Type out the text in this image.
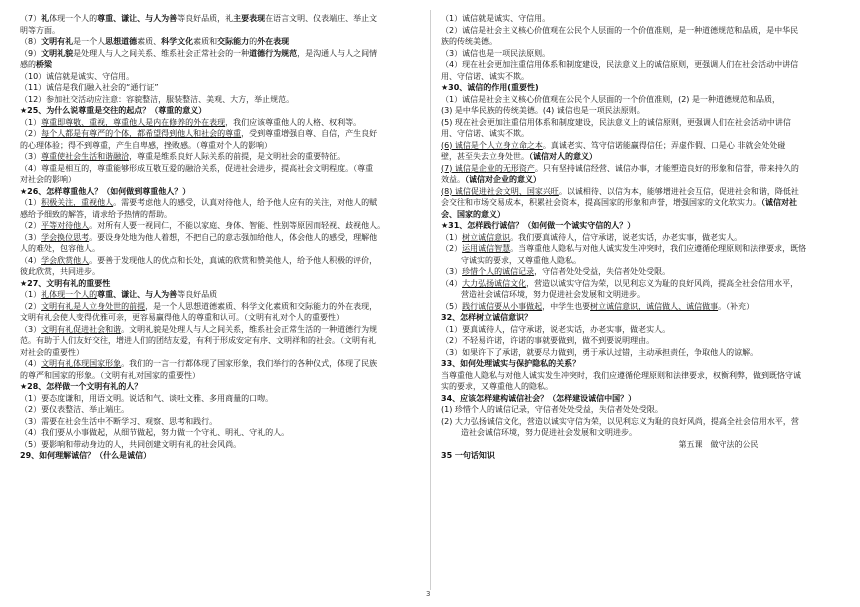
（7）礼体现一个人的尊重、谦让、与人为善等良好品质，礼主要表现在语言文明、仪表端庄、举止文
明等方面。
（8）文明有礼是一个人思想道德素质、科学文化素质和交际能力的外在表现
（9）文明礼貌是处理人与人之间关系、维系社会正常社会的一种道德行为规范，是沟通人与人之间情
感的桥梁
（10）诚信就是诚实、守信用。
（11）诚信是我们融入社会的“通行证”
（12）参加社交活动应注意：容貌整洁，服装整洁、美观、大方，举止规范。
★25、为什么说尊重是交往的起点？（尊重的意义）
（1）尊重即尊敬、重视，尊重他人是内在修养的外在表现，我们应该尊重他人的人格、权利等。
（2）每个人都是有尊严的个体，都希望得到他人和社会的尊重，受到尊重增强自尊、自信，产生良好
的心理体验；得不到尊重，产生自卑感，挫败感。（尊重对个人的影响）
（3）尊重使社会生活和谐融洽，尊重是维系良好人际关系的前提，是文明社会的重要特征。
（4）尊重是相互的，尊重能够形成互敬互爱的融洽关系，促进社会进步，提高社会文明程度。（尊重
对社会的影响）
★26、怎样尊重他人？（如何做到尊重他人？）
（1）积极关注，重视他人。需要考虑他人的感受，认真对待他人，给予他人应有的关注，对他人的赋
感给予细致的解答，请求给予热情的帮助。
（2）平等对待他人。对所有人要一视同仁，不能以家庭、身体、智能、性别等原因而轻视、歧视他人。
（3）学会换位思考。要设身处地为他人着想，不把自己的意志强加给他人，体会他人的感受，理解他
人的难处，包容他人。
（4）学会欣赏他人。要善于发现他人的优点和长处，真诚的欣赏和赞美他人，给予他人积极的评价，
彼此欣赏，共同进步。
★27、文明有礼的重要性
（1）礼体现一个人的尊重、谦让、与人为善等良好品质
（2）文明有礼是人立身处世的前提，是一个人思想道德素质、科学文化素质和交际能力的外在表现，
文明有礼会使人变得优雅可亲，更容易赢得他人的尊重和认可。（文明有礼对个人的重要性）
（3）文明有礼促进社会和谐。文明礼貌是处理人与人之间关系，维系社会正常生活的一种道德行为规
范。有助于人们友好交往，增进人们的团结友爱，有利于形成安定有序、文明祥和的社会。（文明有礼
对社会的重要性）
（4）文明有礼体现国家形象。我们的一言一行都体现了国家形象，我们举行的各种仪式，体现了民族
的尊严和国家的形象。（文明有礼对国家的重要性）
★28、怎样做一个文明有礼的人？
（1）要态度谦和，用语文明。说话和气、谈吐文雅、多用商量的口吻。
（2）要仪表整洁、举止端庄。
（3）需要在社会生活中不断学习、观察、思考和践行。
（4）我们要从小事做起，从细节做起，努力做一个守礼、明礼、守礼的人。
（5）要影响和带动身边的人，共同创建文明有礼的社会风尚。
29、如何理解诚信？（什么是诚信）
（1）诚信就是诚实、守信用。
（2）诚信是社会主义核心价值观在公民个人层面的一个价值准则，是一种道德规范和品质，是中华民
族的传统美德。
（3）诚信也是一项民法原则。
（4）现在社会更加注重信用体系和制度建设，民法意义上的诚信原则，更强调人们在社会活动中讲信
用、守信诺、诚实不欺。
★30、诚信的作用(重要性)
（1）诚信是社会主义核心价值观在公民个人层面的一个价值准则，(2) 是一种道德规范和品质，
(3) 是中华民族的传统美德。(4) 诚信也是一项民法原则。
(5) 现在社会更加注重信用体系和制度建设，民法意义上的诚信原则，更强调人们在社会活动中讲信
用、守信诺、诚实不欺。
(6) 诚信是个人立身立命之本。真诚老实、笃守信诺能赢得信任；弄虚作假、口是心 非就会处处碰
壁，甚至失去立身处世。（诚信对人的意义）
(7) 诚信是企业的无形资产。只有坚持诚信经营、诚信办事，才能塑造良好的形象和信誉，带来持久的
效益。（诚信对企业的意义）
(8) 诚信促进社会文明、国家兴旺。以诚相待、以信为本，能够增进社会互信，促进社会和谐，降低社
会交往和市场交易成本，积累社会资本，提高国家的形象和声誉，增强国家的文化软实力。（诚信对社
会、国家的意义）
★31、怎样践行诚信？（如何做一个诚实守信的人？）
（1）树立诚信意识。我们要真诚待人，信守承诺，说老实话，办老实事，做老实人。
（2）运用诚信智慧。当尊重他人隐私与对他人诚实发生冲突时，我们应遵循伦理原则和法律要求，既恪
守诚实的要求，又尊重他人隐私。
（3）珍惜个人的诚信记录，守信者处处受益，失信者处处受限。
（4）大力弘扬诚信文化，营造以诚实守信为荣，以见利忘义为耻的良好风尚，提高全社会信用水平，
营造社会诚信环境，努力促进社会发展和文明进步。
（5）践行诚信要从小事做起，中学生也要树立诚信意识，诚信做人、诚信做事。（补充）
32、怎样树立诚信意识？
（1）要真诚待人，信守承诺，说老实话，办老实事，做老实人。
（2）不轻易许诺，许诺的事就要做到，做不到要说明理由。
（3）如果许下了承诺，就要尽力做到，勇于承认过错，主动承担责任，争取他人的谅解。
33、如何处理诚实与保护隐私的关系？
当尊重他人隐私与对他人诚实发生冲突时，我们应遵循伦理原则和法律要求，权衡利弊，做到既恪守诚
实的要求，又尊重他人的隐私。
34、应该怎样建构诚信社会？（怎样建设诚信中国？）
(1) 珍惜个人的诚信记录，守信者处处受益，失信者处处受限。
(2) 大力弘扬诚信文化，营造以诚实守信为荣，以见利忘义为耻的良好风尚，提高全社会信用水平，营
造社会诚信环境，努力促进社会发展和文明进步。
第五课　做守法的公民
35 一句话知识
3
